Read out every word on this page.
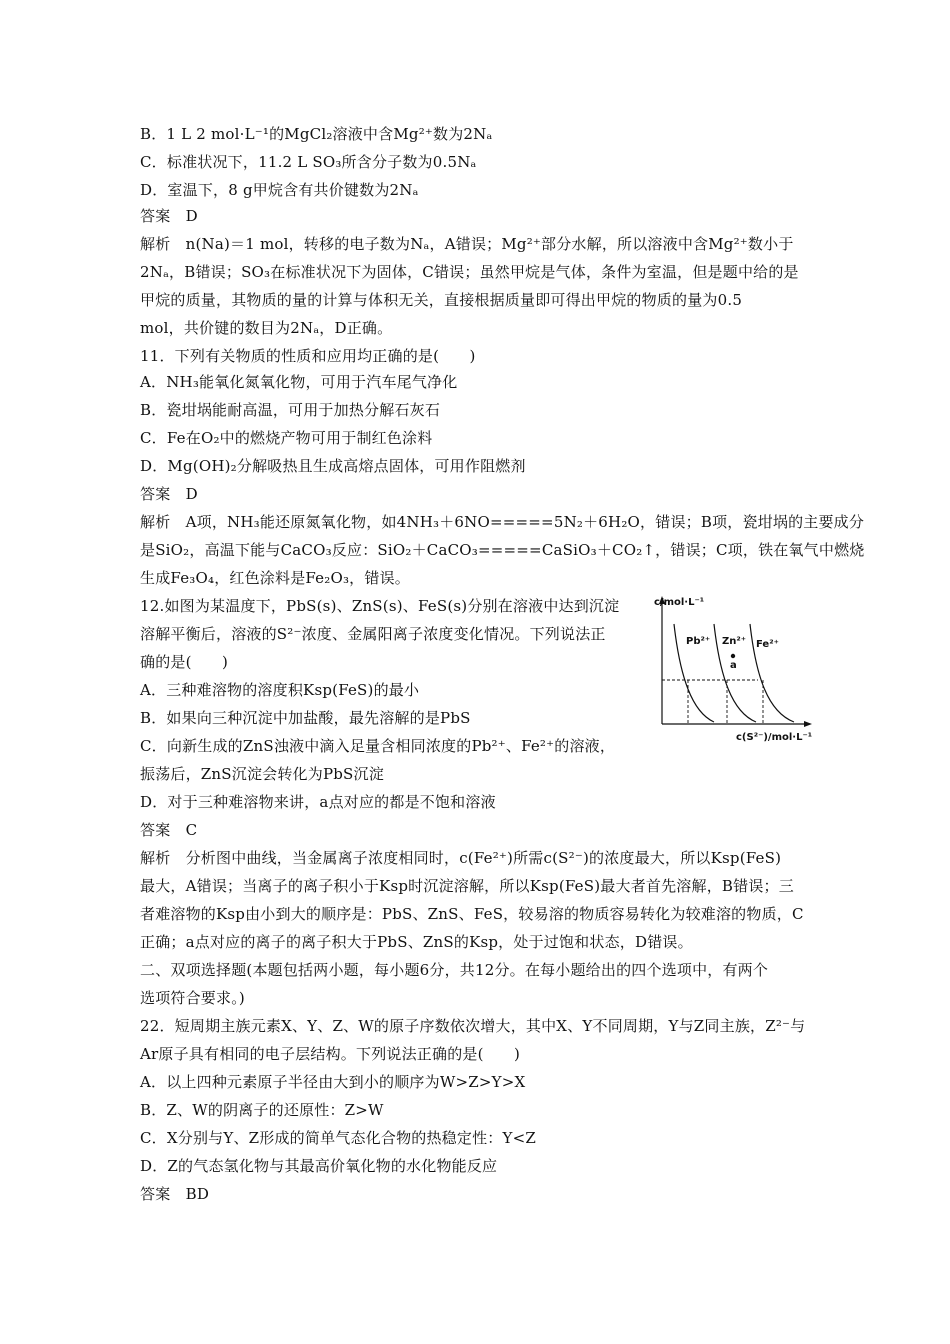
B．1 L 2 mol·L⁻¹的MgCl₂溶液中含Mg²⁺数为2Nₐ
C．标准状况下，11.2 L SO₃所含分子数为0.5Nₐ
D．室温下，8 g甲烷含有共价键数为2Nₐ
答案　D
解析　n(Na)＝1 mol，转移的电子数为Nₐ，A错误；Mg²⁺部分水解，所以溶液中含Mg²⁺数小于
2Nₐ，B错误；SO₃在标准状况下为固体，C错误；虽然甲烷是气体，条件为室温，但是题中给的是
甲烷的质量，其物质的量的计算与体积无关，直接根据质量即可得出甲烷的物质的量为0.5
mol，共价键的数目为2Nₐ，D正确。
11．下列有关物质的性质和应用均正确的是(　　)
A．NH₃能氧化氮氧化物，可用于汽车尾气净化
B．瓷坩埚能耐高温，可用于加热分解石灰石
C．Fe在O₂中的燃烧产物可用于制红色涂料
D．Mg(OH)₂分解吸热且生成高熔点固体，可用作阻燃剂
答案　D
解析　A项，NH₃能还原氮氧化物，如4NH₃＋6NO=====5N₂＋6H₂O，错误；B项，瓷坩埚的主要成分
是SiO₂，高温下能与CaCO₃反应：SiO₂＋CaCO₃=====CaSiO₃＋CO₂↑，错误；C项，铁在氧气中燃烧
生成Fe₃O₄，红色涂料是Fe₂O₃，错误。
12.如图为某温度下，PbS(s)、ZnS(s)、FeS(s)分别在溶液中达到沉淀
溶解平衡后，溶液的S²⁻浓度、金属阳离子浓度变化情况。下列说法正
确的是(　　)
A．三种难溶物的溶度积Ksp(FeS)的最小
B．如果向三种沉淀中加盐酸，最先溶解的是PbS
C．向新生成的ZnS浊液中滴入足量含相同浓度的Pb²⁺、Fe²⁺的溶液，
振荡后，ZnS沉淀会转化为PbS沉淀
D．对于三种难溶物来讲，a点对应的都是不饱和溶液
答案　C
解析　分析图中曲线，当金属离子浓度相同时，c(Fe²⁺)所需c(S²⁻)的浓度最大，所以Ksp(FeS)
最大，A错误；当离子的离子积小于Ksp时沉淀溶解，所以Ksp(FeS)最大者首先溶解，B错误；三
者难溶物的Ksp由小到大的顺序是：PbS、ZnS、FeS，较易溶的物质容易转化为较难溶的物质，C
正确；a点对应的离子的离子积大于PbS、ZnS的Ksp，处于过饱和状态，D错误。
二、双项选择题(本题包括两小题，每小题6分，共12分。在每小题给出的四个选项中，有两个
选项符合要求。)
22．短周期主族元素X、Y、Z、W的原子序数依次增大，其中X、Y不同周期，Y与Z同主族，Z²⁻与
Ar原子具有相同的电子层结构。下列说法正确的是(　　)
A．以上四种元素原子半径由大到小的顺序为W>Z>Y>X
B．Z、W的阴离子的还原性：Z>W
C．X分别与Y、Z形成的简单气态化合物的热稳定性：Y<Z
D．Z的气态氢化物与其最高价氧化物的水化物能反应
答案　BD
c/mol·L⁻¹
c(S²⁻)/mol·L⁻¹
Pb²⁺ Zn²⁺ Fe²⁺
a
